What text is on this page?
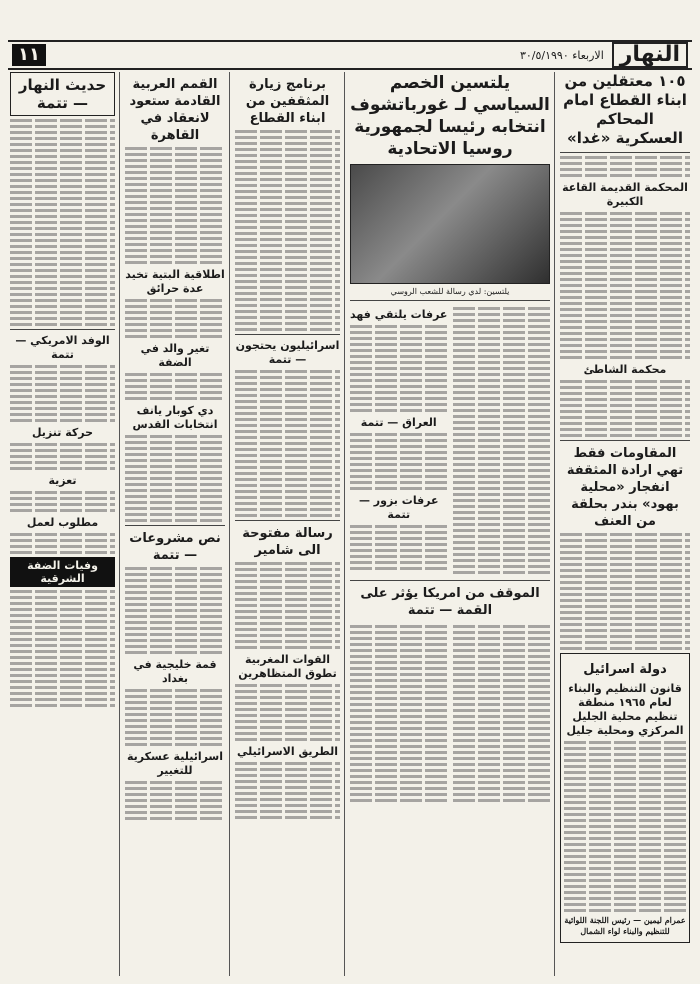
النهار
الاربعاء ٣٠/٥/١٩٩٠
١١
١٠٥ معتقلين من ابناء القطاع امام المحاكم العسكرية «غدا»
المحكمة القديمة القاعة الكبيرة
محكمة الشاطئ
المقاومات فقط تهي ارادة المثقفة انفجار «محلية بهود» بندر بحلقة من العنف
دولة اسرائيل
قانون التنظيم والبناء لعام ١٩٦٥ منطقة تنظيم محلية الجليل المركزي ومحلية جليل
عمرام ليمين — رئيس اللجنة اللوائية للتنظيم والبناء لواء الشمال
يلتسين الخصم السياسي لـ غورباتشوف انتخابه رئيسا لجمهورية روسيا الاتحادية
يلتسين: لدي رسالة للشعب الروسي
عرفات يلتقي فهد
العراق — تتمة
عرفات بزور — تتمة
الموقف من امريكا يؤثر على القمة — تتمة
برنامج زيارة المثقفين من ابناء القطاع
اسرائيليون يحتجون — تتمة
رسالة مفتوحة الى شامير
القوات المغربية تطوق المتظاهرين
الطريق الاسرائيلي
القمم العربية القادمة ستعود لانعقاد في القاهرة
اطلاقية البتية تخيد عدة حرائق
تغير والد في الضفة
دي كوبار يانف انتخابات القدس
نص مشروعات — تتمة
قمة خليجية في بغداد
اسرائيلية عسكرية للتغيير
حديث النهار — تتمة
الوفد الامريكي — تتمة
حركة تنزيل
تعزية
مطلوب لعمل
وفيات الضفة الشرقية
